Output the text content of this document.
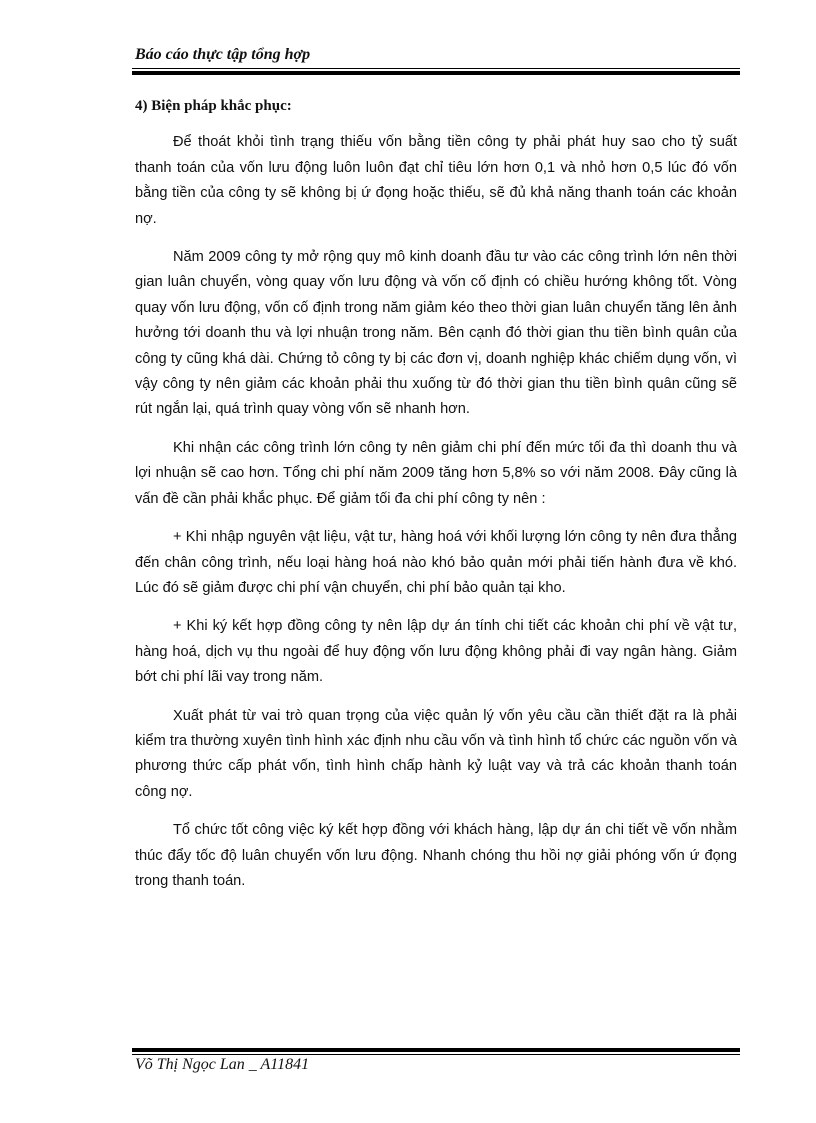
Báo cáo thực tập tổng hợp
4) Biện pháp khắc phục:

Để thoát khỏi tình trạng thiếu vốn bằng tiền công ty phải phát huy sao cho tỷ suất thanh toán của vốn lưu động luôn luôn đạt chỉ tiêu lớn hơn 0,1 và nhỏ hơn 0,5 lúc đó vốn bằng tiền của công ty sẽ không bị ứ đọng hoặc thiếu, sẽ đủ khả năng thanh toán các khoản nợ.

Năm 2009 công ty mở rộng quy mô kinh doanh đầu tư vào các công trình lớn nên thời gian luân chuyển, vòng quay vốn lưu động và vốn cố định có chiều hướng không tốt. Vòng quay vốn lưu động, vốn cố định trong năm giảm kéo theo thời gian luân chuyển tăng lên ảnh hưởng tới doanh thu và lợi nhuận trong năm. Bên cạnh đó thời gian thu tiền bình quân của công ty cũng khá dài. Chứng tỏ công ty bị các đơn vị, doanh nghiệp khác chiếm dụng vốn, vì vậy công ty nên giảm các khoản phải thu xuống từ đó thời gian thu tiền bình quân cũng sẽ rút ngắn lại, quá trình quay vòng vốn sẽ nhanh hơn.

Khi nhận các công trình lớn công ty nên giảm chi phí đến mức tối đa thì doanh thu và lợi nhuận sẽ cao hơn. Tổng chi phí năm 2009 tăng hơn 5,8% so với năm 2008. Đây cũng là vấn đề cần phải khắc phục. Để giảm tối đa chi phí công ty nên :

+ Khi nhập nguyên vật liệu, vật tư, hàng hoá với khối lượng lớn công ty nên đưa thẳng đến chân công trình, nếu loại hàng hoá nào khó bảo quản mới phải tiến hành đưa về khó. Lúc đó sẽ giảm được chi phí vận chuyển, chi phí bảo quản tại kho.

+ Khi ký kết hợp đồng công ty nên lập dự án tính chi tiết các khoản chi phí về vật tư, hàng hoá, dịch vụ thu ngoài để huy động vốn lưu động không phải đi vay ngân hàng. Giảm bớt chi phí lãi vay trong năm.

Xuất phát từ vai trò quan trọng của việc quản lý vốn yêu cầu cần thiết đặt ra là phải kiểm tra thường xuyên tình hình xác định nhu cầu vốn và tình hình tổ chức các nguồn vốn và phương thức cấp phát vốn, tình hình chấp hành kỷ luật vay và trả các khoản thanh toán công nợ.

Tổ chức tốt công việc ký kết hợp đồng với khách hàng, lập dự án chi tiết về vốn nhằm thúc đẩy tốc độ luân chuyển vốn lưu động. Nhanh chóng thu hồi nợ giải phóng vốn ứ đọng trong thanh toán.

Võ Thị Ngọc Lan _ A11841
